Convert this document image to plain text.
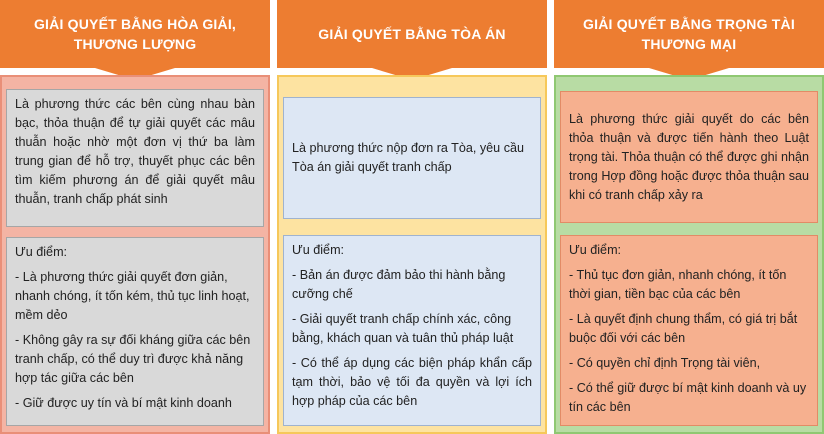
GIẢI QUYẾT BẰNG HÒA GIẢI, THƯƠNG LƯỢNG

Là phương thức các bên cùng nhau bàn bạc, thỏa thuận để tự giải quyết các mâu thuẫn hoặc nhờ một đơn vị thứ ba làm trung gian để hỗ trợ, thuyết phục các bên tìm kiếm phương án để giải quyết mâu thuẫn, tranh chấp phát sinh

Ưu điểm:

- Là phương thức giải quyết đơn giản, nhanh chóng, ít tốn kém, thủ tục linh hoạt, mềm dẻo

- Không gây ra sự đối kháng giữa các bên tranh chấp, có thể duy trì được khả năng hợp tác giữa các bên

- Giữ được uy tín và bí mật kinh doanh

GIẢI QUYẾT BẰNG TÒA ÁN

Là phương thức nộp đơn ra Tòa, yêu cầu Tòa án giải quyết tranh chấp

Ưu điểm:

- Bản án được đảm bảo thi hành bằng cưỡng chế

- Giải quyết tranh chấp chính xác, công bằng, khách quan và tuân thủ pháp luật

- Có thể áp dụng các biện pháp khẩn cấp tạm thời, bảo vệ tối đa quyền và lợi ích hợp pháp của các bên

GIẢI QUYẾT BẰNG TRỌNG TÀI THƯƠNG MẠI

Là phương thức giải quyết do các bên thỏa thuận và được tiến hành theo Luật trọng tài. Thỏa thuận có thể được ghi nhận trong Hợp đồng hoặc được thỏa thuận sau khi có tranh chấp xảy ra

Ưu điểm:

- Thủ tục đơn giản, nhanh chóng, ít tốn thời gian, tiền bạc của các bên

- Là quyết định chung thẩm, có giá trị bắt buộc đối với các bên

- Có quyền chỉ định Trọng tài viên,

- Có thể giữ được bí mật kinh doanh và uy tín các bên
